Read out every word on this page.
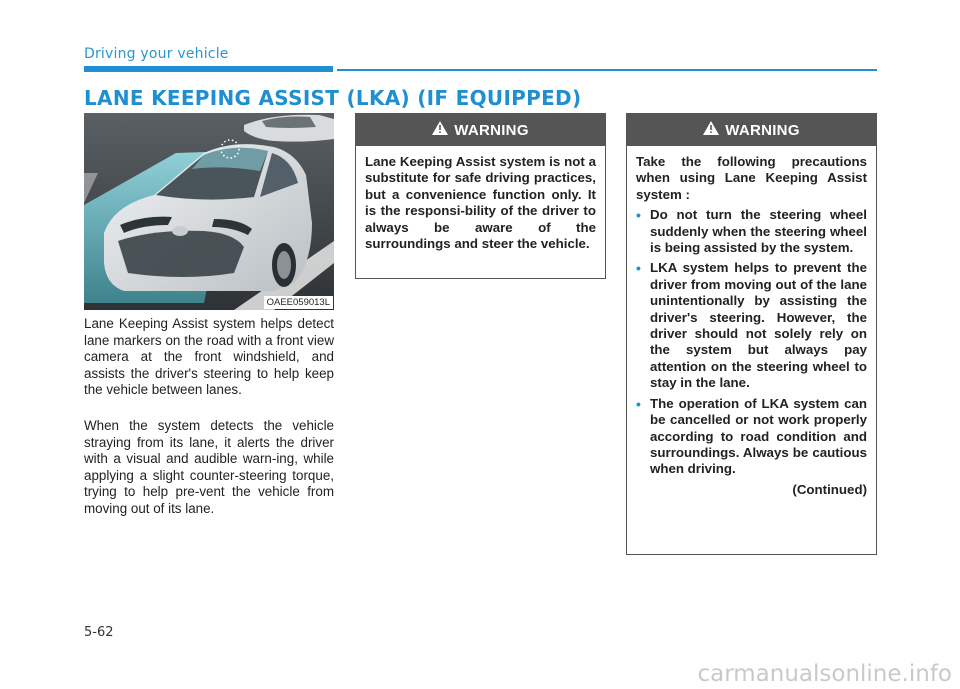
Driving your vehicle
LANE KEEPING ASSIST (LKA) (IF EQUIPPED)
OAEE059013L

Lane Keeping Assist system helps detect lane markers on the road with a front view camera at the front windshield, and assists the driver's steering to help keep the vehicle between lanes.

When the system detects the vehicle straying from its lane, it alerts the driver with a visual and audible warn-ing, while applying a slight counter-steering torque, trying to help pre-vent the vehicle from moving out of its lane.

WARNING
Lane Keeping Assist system is not a substitute for safe driving practices, but a convenience function only. It is the responsi-bility of the driver to always be aware of the surroundings and steer the vehicle.
WARNING
Take the following precautions when using Lane Keeping Assist system :
• Do not turn the steering wheel suddenly when the steering wheel is being assisted by the system.
• LKA system helps to prevent the driver from moving out of the lane unintentionally by assisting the driver's steering. However, the driver should not solely rely on the system but always pay attention on the steering wheel to stay in the lane.
• The operation of LKA system can be cancelled or not work properly according to road condition and surroundings. Always be cautious when driving.
(Continued)
5-62
carmanualsonline.info
